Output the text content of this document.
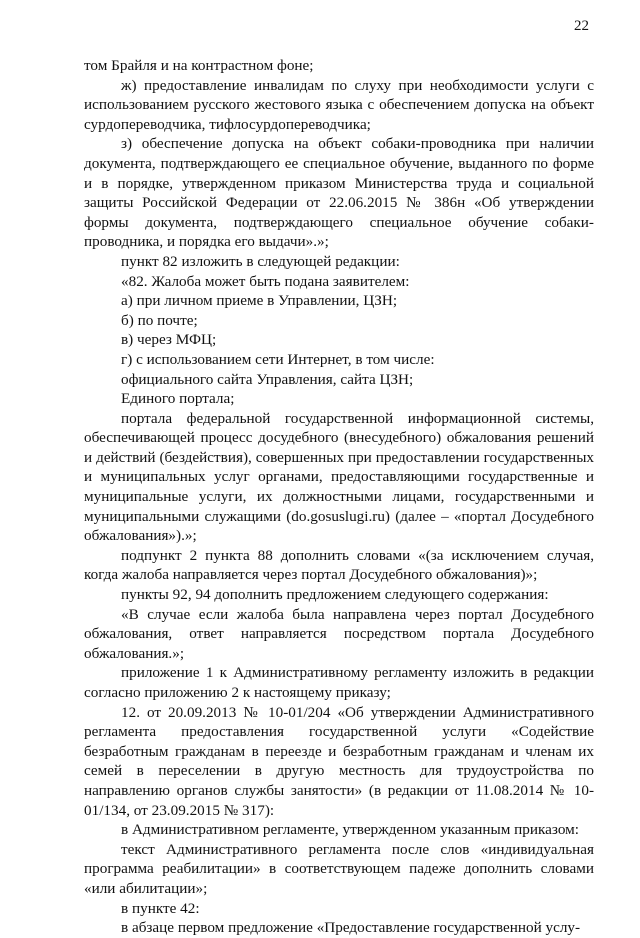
22

том Брайля и на контрастном фоне;

ж) предоставление инвалидам по слуху при необходимости услуги с использованием русского жестового языка с обеспечением допуска на объект сурдопереводчика, тифлосурдопереводчика;

з) обеспечение допуска на объект собаки-проводника при наличии документа, подтверждающего ее специальное обучение, выданного по форме и в порядке, утвержденном приказом Министерства труда и социальной защиты Российской Федерации от 22.06.2015 № 386н «Об утверждении формы документа, подтверждающего специальное обучение собаки-проводника, и порядка его выдачи».»;

пункт 82 изложить в следующей редакции:

«82. Жалоба может быть подана заявителем:

а) при личном приеме в Управлении, ЦЗН;

б) по почте;

в) через МФЦ;

г) с использованием сети Интернет, в том числе:

официального сайта Управления, сайта ЦЗН;

Единого портала;

портала федеральной государственной информационной системы, обеспечивающей процесс досудебного (внесудебного) обжалования решений и действий (бездействия), совершенных при предоставлении государственных и муниципальных услуг органами, предоставляющими государственные и муниципальные услуги, их должностными лицами, государственными и муниципальными служащими (do.gosuslugi.ru) (далее – «портал Досудебного обжалования»).»;

подпункт 2 пункта 88 дополнить словами «(за исключением случая, когда жалоба направляется через портал Досудебного обжалования)»;

пункты 92, 94 дополнить предложением следующего содержания:

«В случае если жалоба была направлена через портал Досудебного обжалования, ответ направляется посредством портала Досудебного обжалования.»;

приложение 1 к Административному регламенту изложить в редакции согласно приложению 2 к настоящему приказу;

12. от 20.09.2013 № 10-01/204 «Об утверждении Административного регламента предоставления государственной услуги «Содействие безработным гражданам в переезде и безработным гражданам и членам их семей в переселении в другую местность для трудоустройства по направлению органов службы занятости» (в редакции от 11.08.2014 № 10-01/134, от 23.09.2015 № 317):

в Административном регламенте, утвержденном указанным приказом:

текст Административного регламента после слов «индивидуальная программа реабилитации» в соответствующем падеже дополнить словами «или абилитации»;

в пункте 42:

в абзаце первом предложение «Предоставление государственной услу-
